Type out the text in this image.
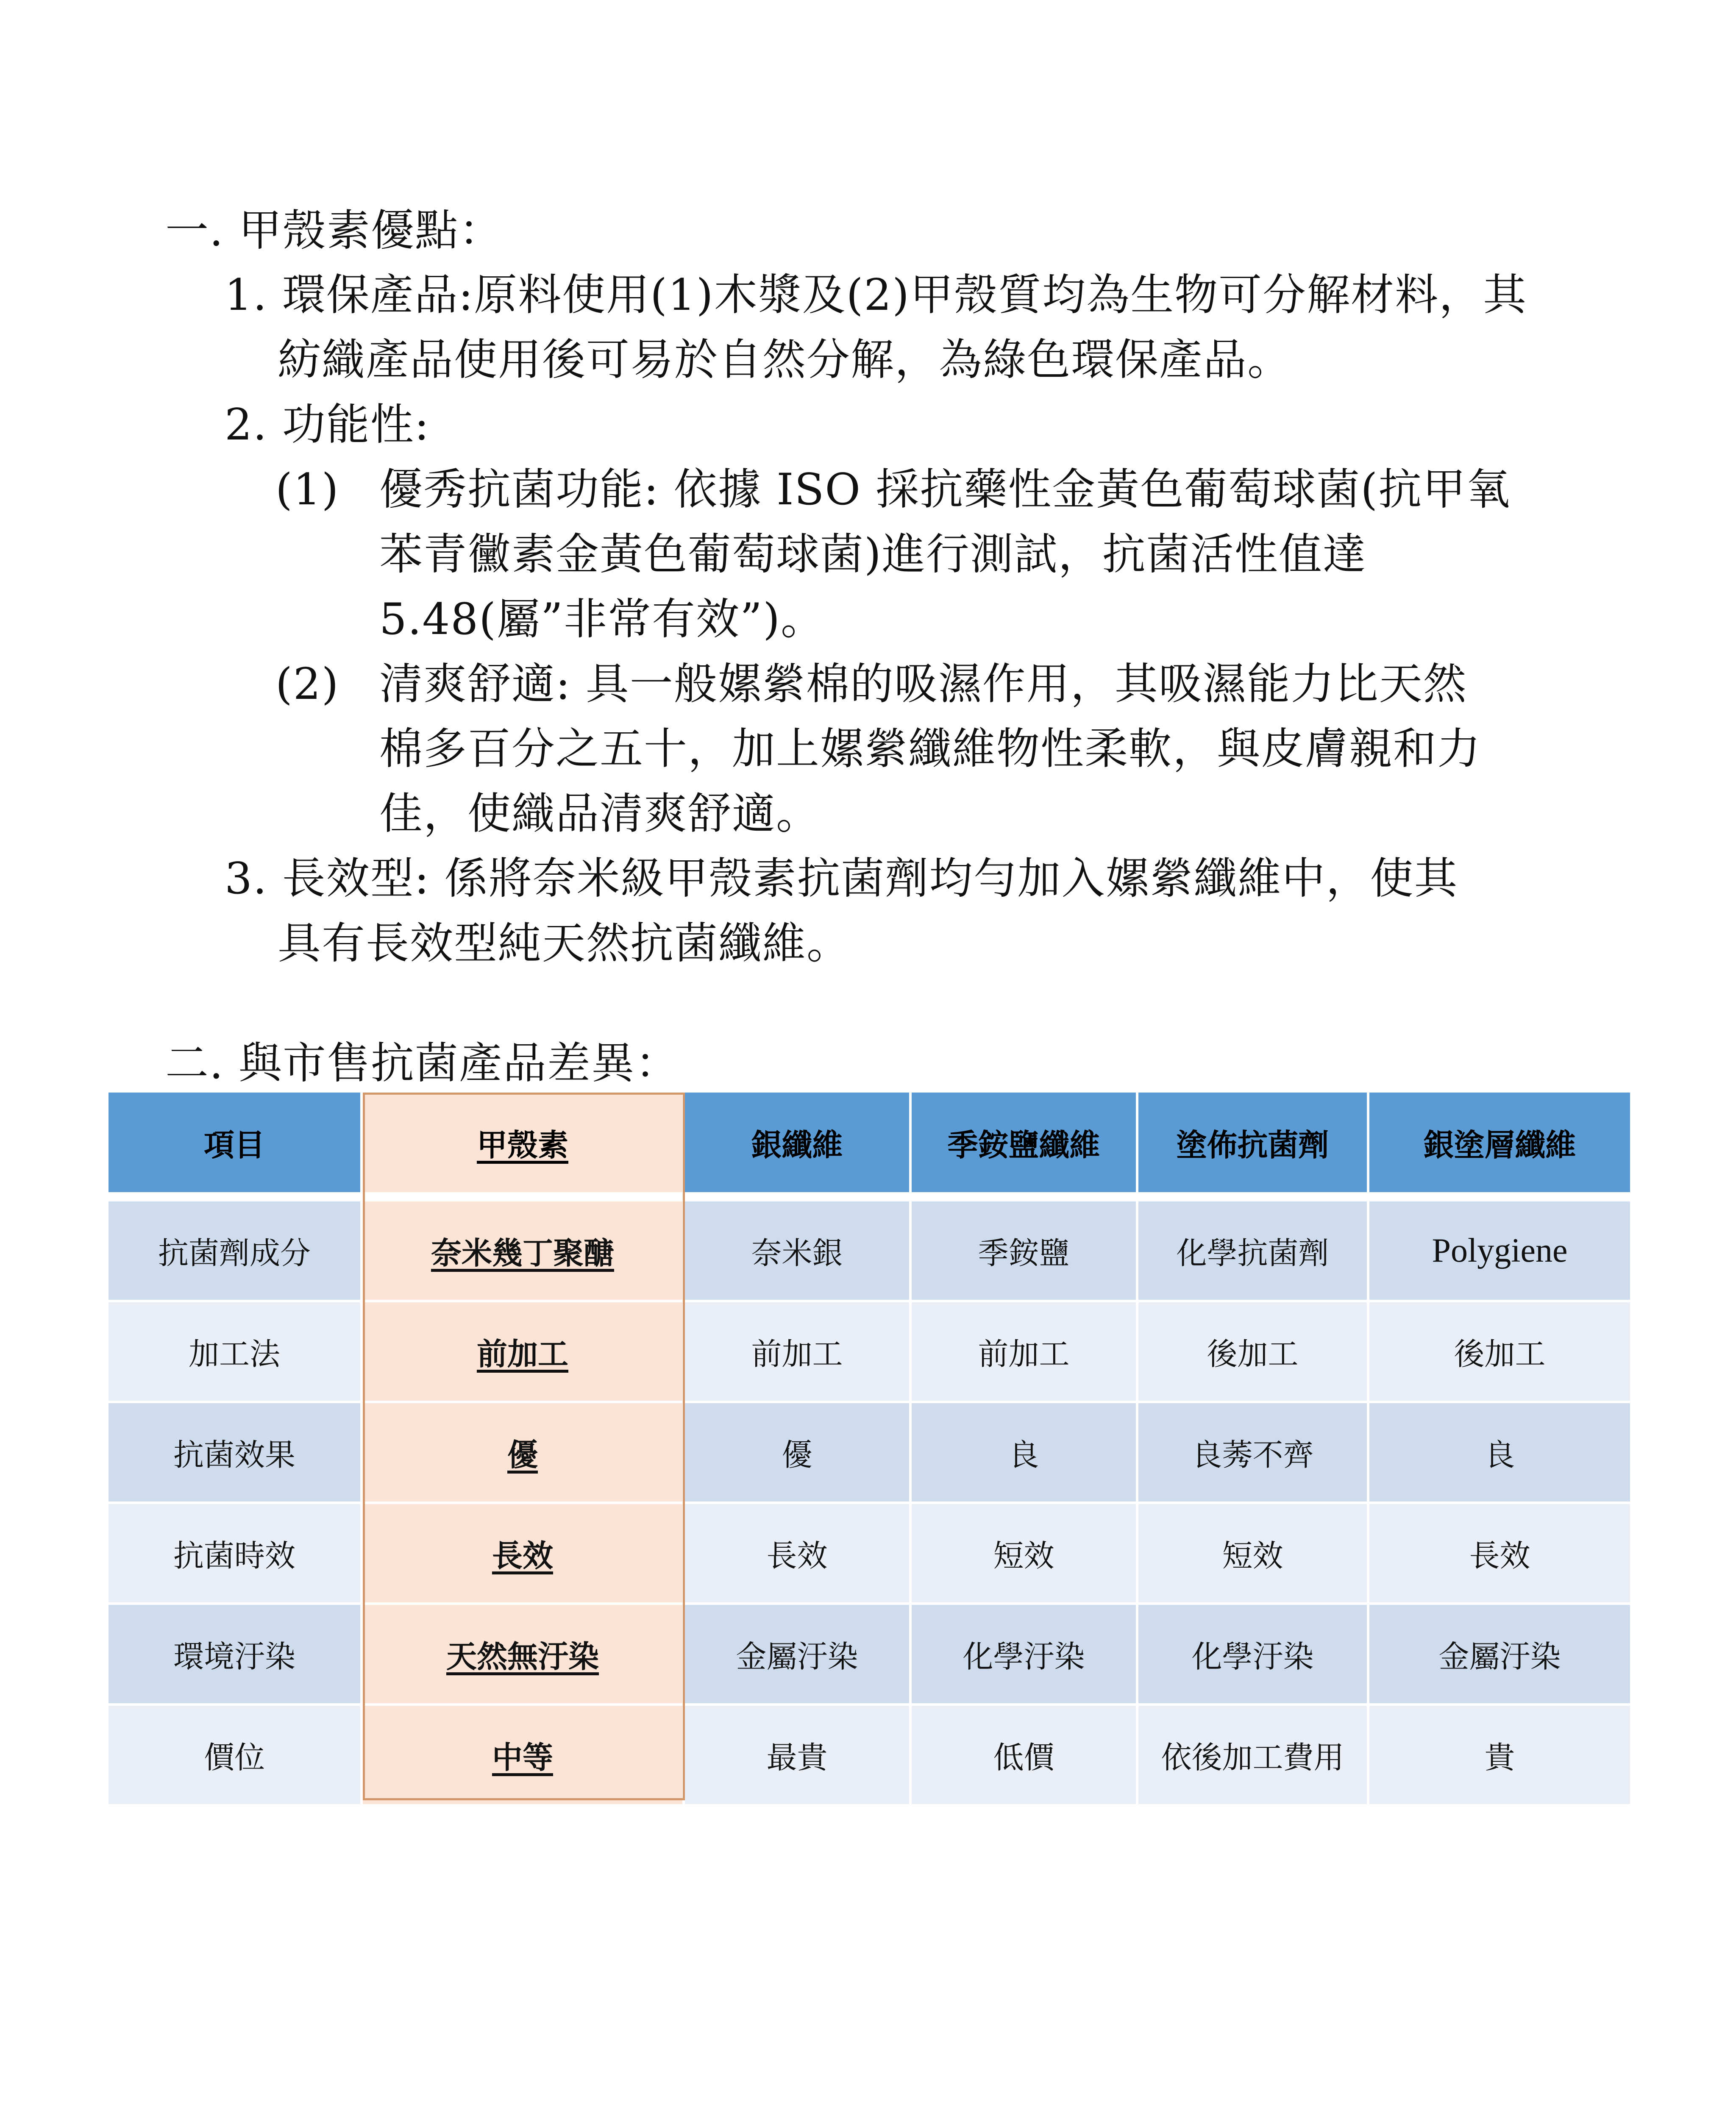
一. 甲殼素優點：
1. 環保產品:原料使用(1)木漿及(2)甲殼質均為生物可分解材料，其
紡織產品使用後可易於自然分解，為綠色環保產品。
2. 功能性:
(1) 優秀抗菌功能: 依據 ISO 採抗藥性金黃色葡萄球菌(抗甲氧
苯青黴素金黃色葡萄球菌)進行測試，抗菌活性值達
5.48(屬”非常有效”)。
(2) 清爽舒適: 具一般嫘縈棉的吸濕作用，其吸濕能力比天然
棉多百分之五十，加上嫘縈纖維物性柔軟，與皮膚親和力
佳，使織品清爽舒適。
3. 長效型: 係將奈米級甲殼素抗菌劑均勻加入嫘縈纖維中，使其
具有長效型純天然抗菌纖維。
二. 與市售抗菌產品差異：
項目	甲殼素	銀纖維	季銨鹽纖維	塗佈抗菌劑	銀塗層纖維
抗菌劑成分	奈米幾丁聚醣	奈米銀	季銨鹽	化學抗菌劑	Polygiene
加工法	前加工	前加工	前加工	後加工	後加工
抗菌效果	優	優	良	良莠不齊	良
抗菌時效	長效	長效	短效	短效	長效
環境汙染	天然無汙染	金屬汙染	化學汙染	化學汙染	金屬汙染
價位	中等	最貴	低價	依後加工費用	貴
